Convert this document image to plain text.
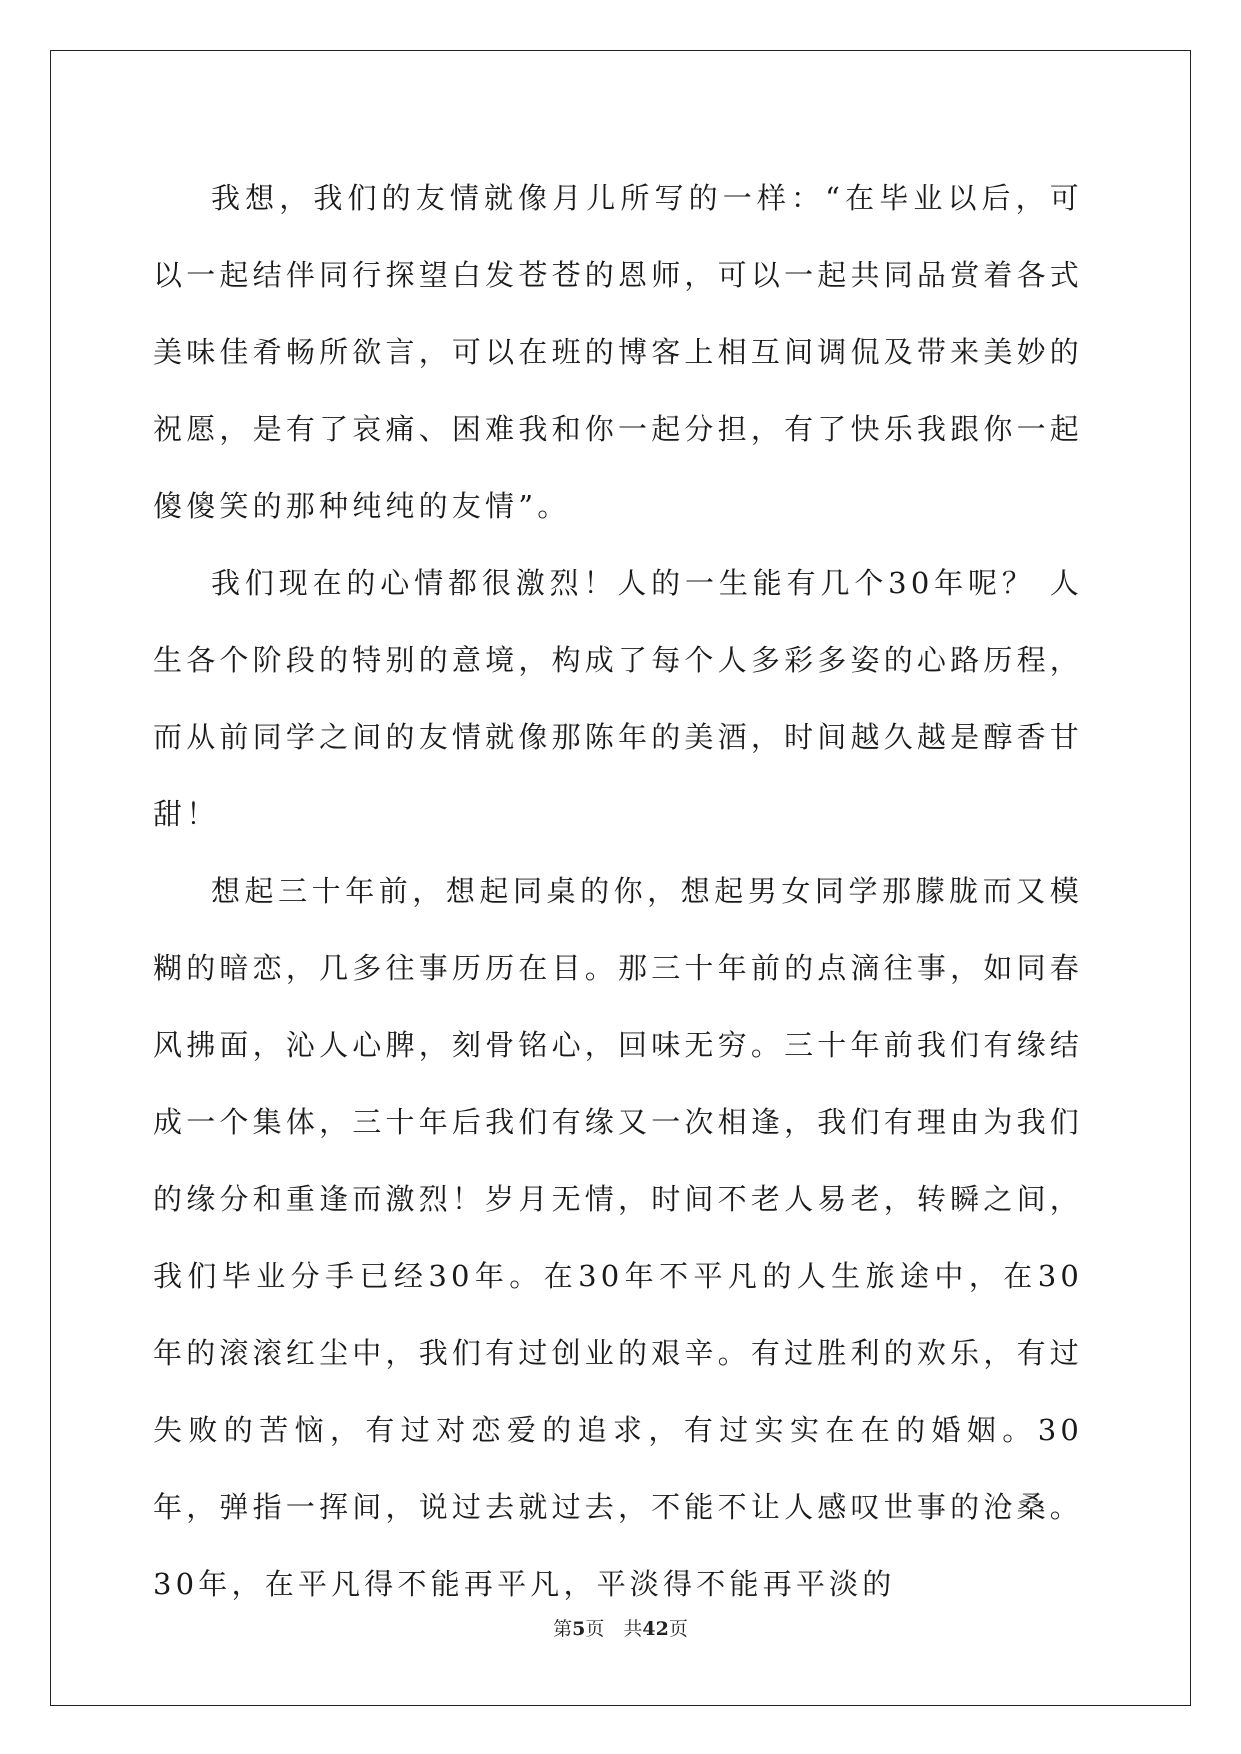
我想，我们的友情就像月儿所写的一样：“在毕业以后，可以一起结伴同行探望白发苍苍的恩师，可以一起共同品赏着各式美味佳肴畅所欲言，可以在班的博客上相互间调侃及带来美妙的祝愿，是有了哀痛、困难我和你一起分担，有了快乐我跟你一起傻傻笑的那种纯纯的友情”。

我们现在的心情都很激烈！人的一生能有几个30年呢？ 人生各个阶段的特别的意境，构成了每个人多彩多姿的心路历程，而从前同学之间的友情就像那陈年的美酒，时间越久越是醇香甘甜！

想起三十年前，想起同桌的你，想起男女同学那朦胧而又模糊的暗恋，几多往事历历在目。那三十年前的点滴往事，如同春风拂面，沁人心脾，刻骨铭心，回味无穷。三十年前我们有缘结成一个集体，三十年后我们有缘又一次相逢，我们有理由为我们的缘分和重逢而激烈！岁月无情，时间不老人易老，转瞬之间，我们毕业分手已经30年。在30年不平凡的人生旅途中，在30年的滚滚红尘中，我们有过创业的艰辛。有过胜利的欢乐，有过失败的苦恼，有过对恋爱的追求，有过实实在在的婚姻。30年，弹指一挥间，说过去就过去，不能不让人感叹世事的沧桑。30年，在平凡得不能再平凡，平淡得不能再平淡的

第5页　共42页
